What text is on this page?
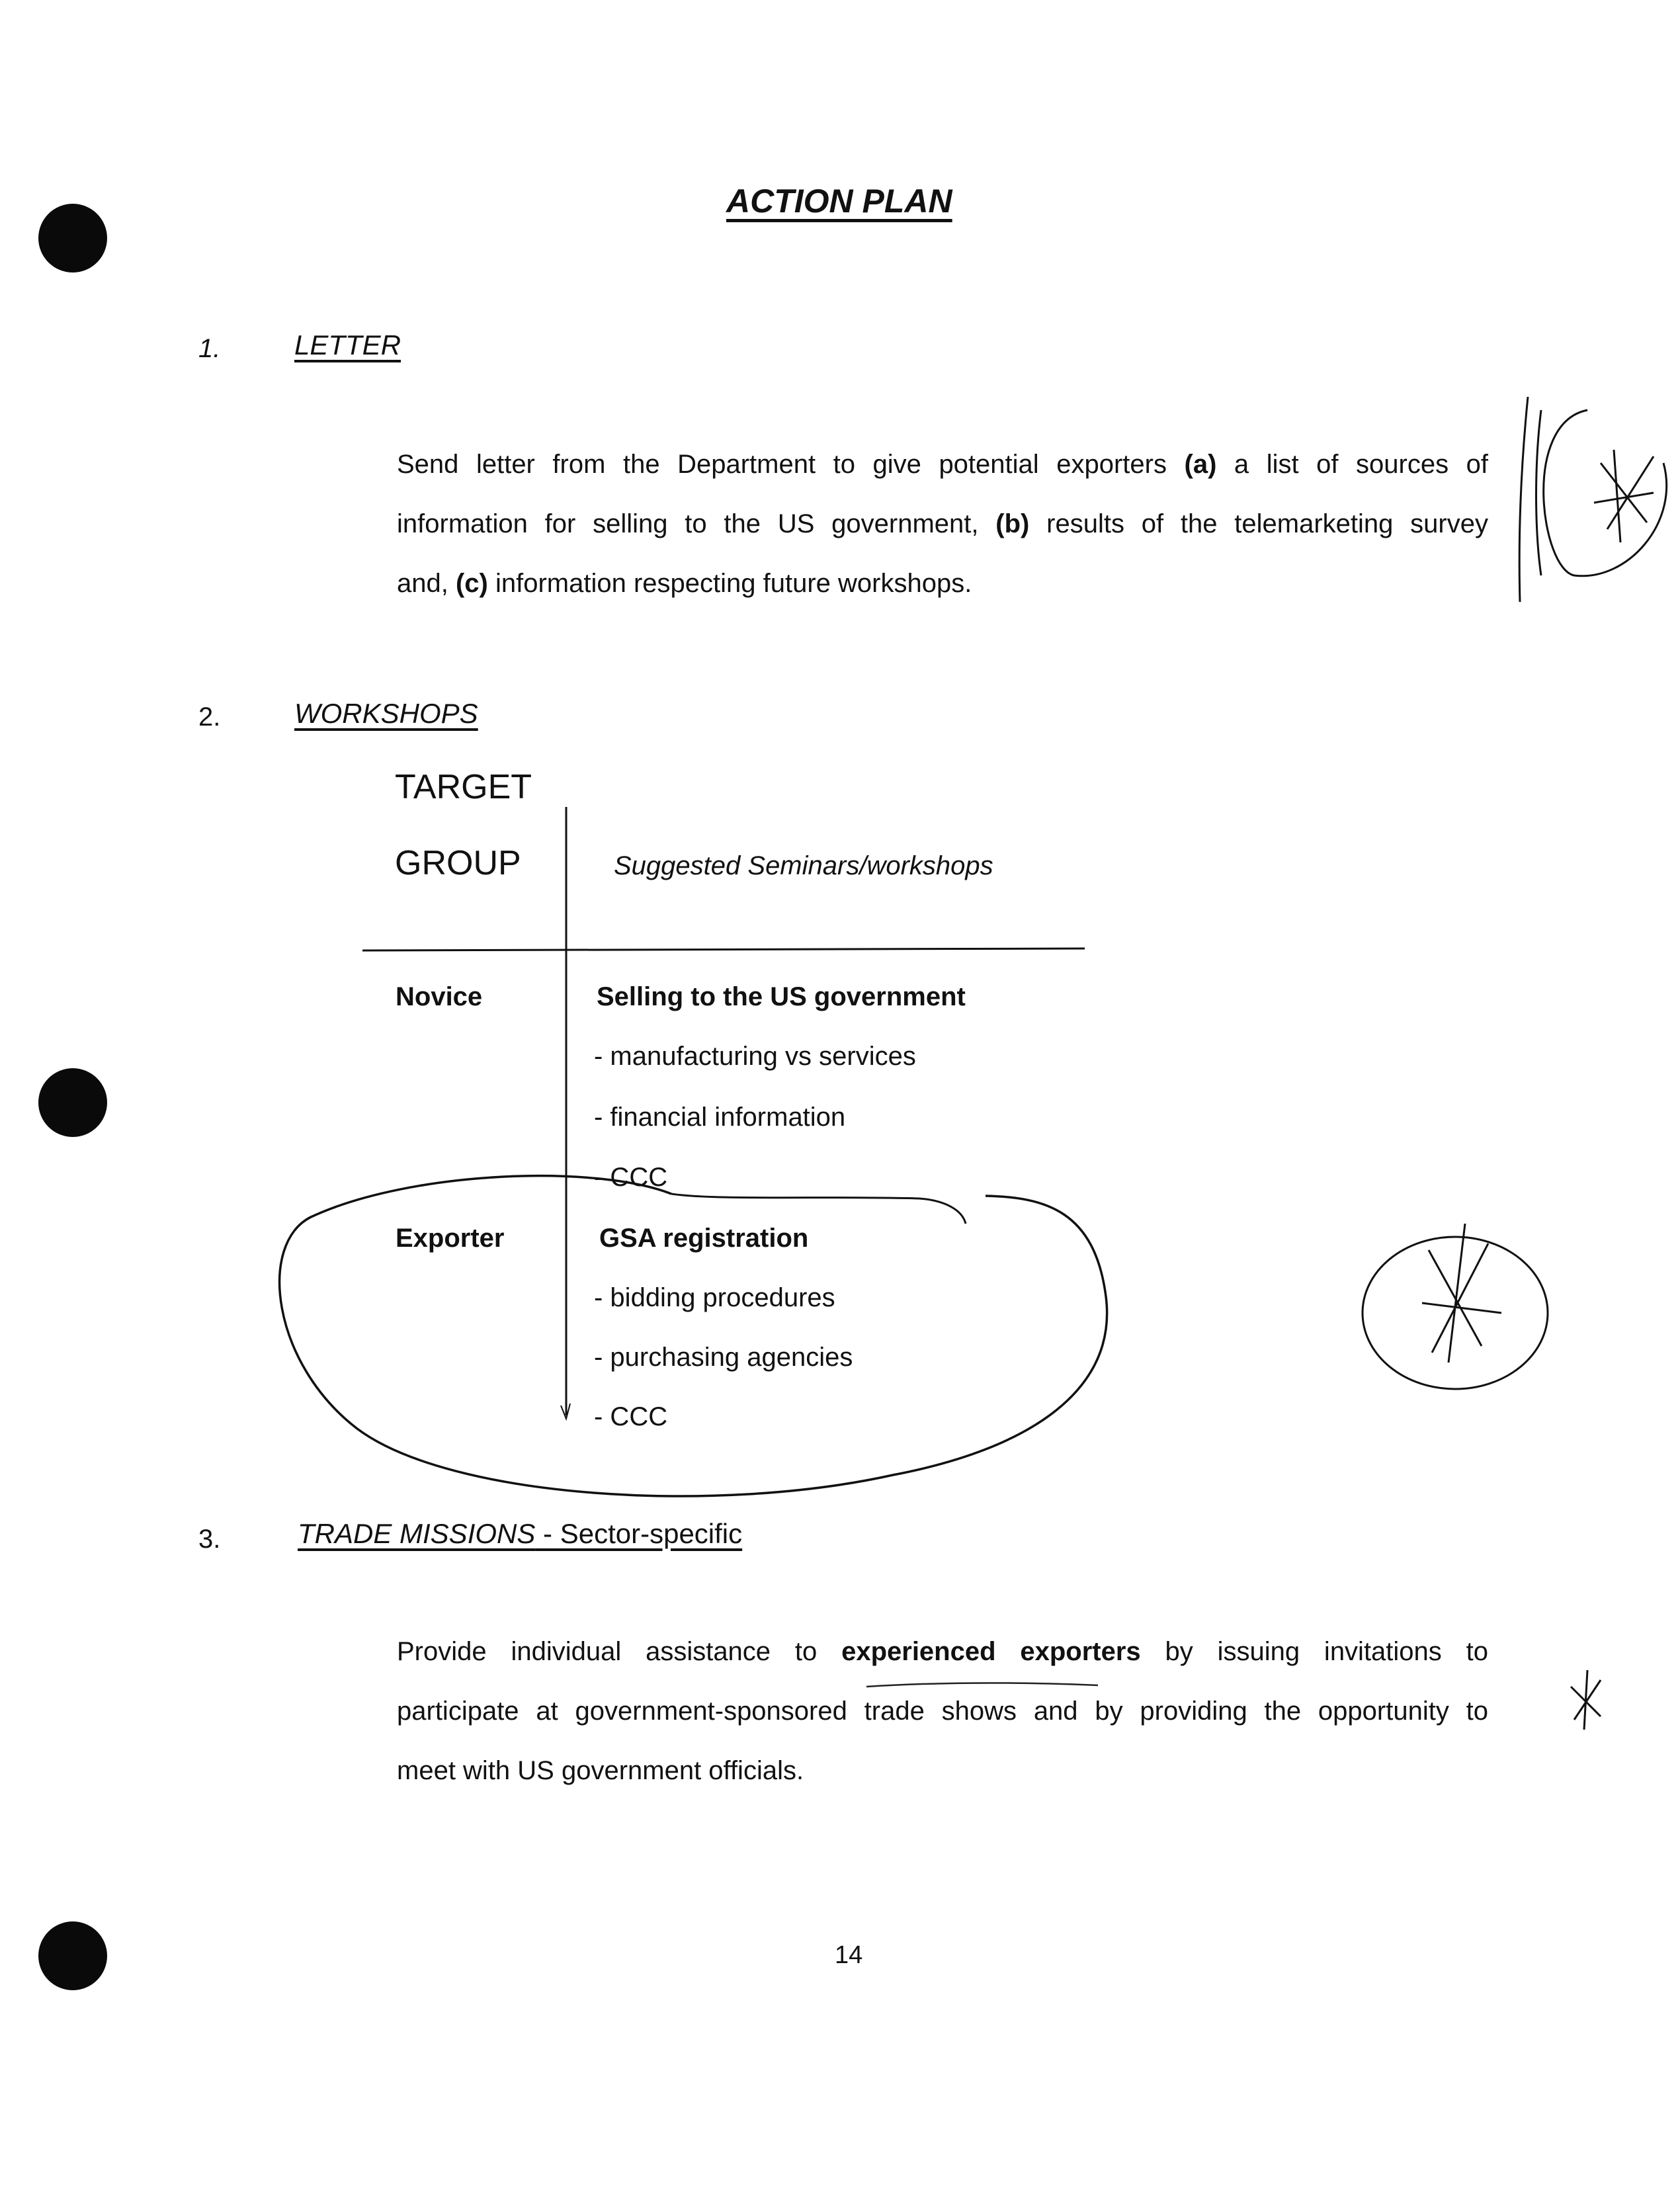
ACTION PLAN
1.	LETTER
Send letter from the Department to give potential exporters (a) a list of sources of
information for selling to the US government, (b) results of the telemarketing survey
and, (c) information respecting future workshops.
2.	WORKSHOPS
TARGET
GROUP	Suggested Seminars/workshops
Novice	Selling to the US government
- manufacturing vs services
- financial information
- CCC
Exporter	GSA registration
- bidding procedures
- purchasing agencies
- CCC
3.	TRADE MISSIONS - Sector-specific
Provide individual assistance to experienced exporters by issuing invitations to
participate at government-sponsored trade shows and by providing the opportunity to
meet with US government officials.
14
